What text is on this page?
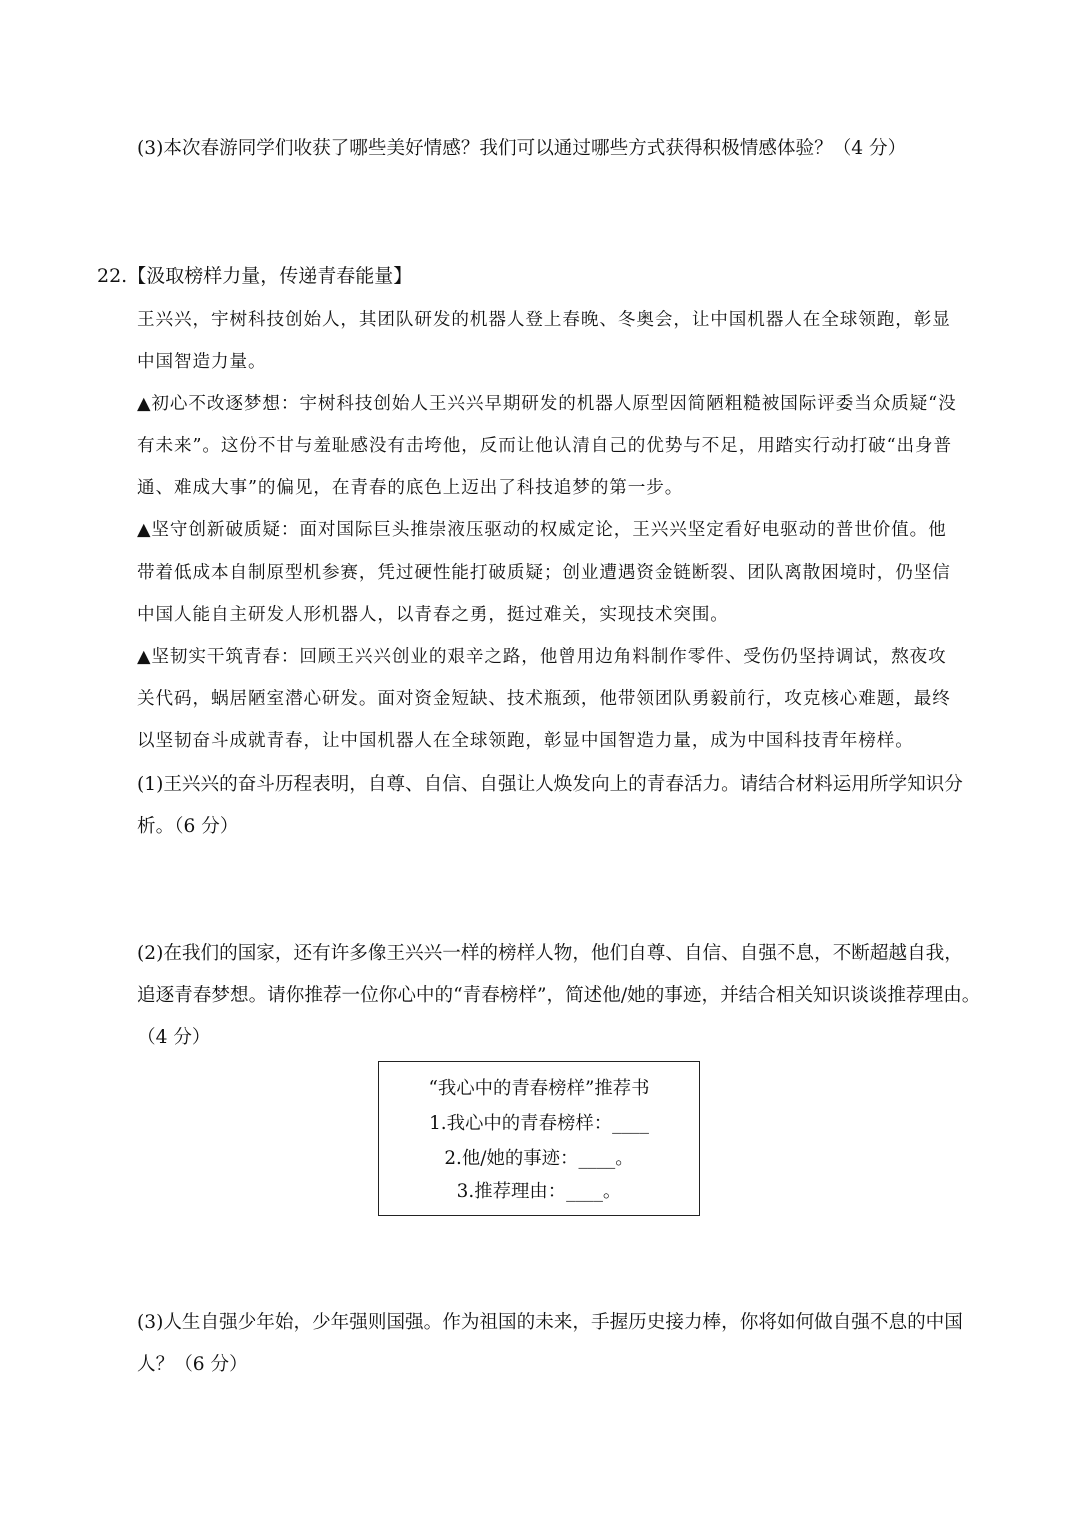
(3)本次春游同学们收获了哪些美好情感？我们可以通过哪些方式获得积极情感体验？（4 分）
22.【汲取榜样力量，传递青春能量】
王兴兴，宇树科技创始人，其团队研发的机器人登上春晚、冬奥会，让中国机器人在全球领跑，彰显
中国智造力量。
▲初心不改逐梦想：宇树科技创始人王兴兴早期研发的机器人原型因简陋粗糙被国际评委当众质疑“没
有未来”。这份不甘与羞耻感没有击垮他，反而让他认清自己的优势与不足，用踏实行动打破“出身普
通、难成大事”的偏见，在青春的底色上迈出了科技追梦的第一步。
▲坚守创新破质疑：面对国际巨头推崇液压驱动的权威定论，王兴兴坚定看好电驱动的普世价值。他
带着低成本自制原型机参赛，凭过硬性能打破质疑；创业遭遇资金链断裂、团队离散困境时，仍坚信
中国人能自主研发人形机器人，以青春之勇，挺过难关，实现技术突围。
▲坚韧实干筑青春：回顾王兴兴创业的艰辛之路，他曾用边角料制作零件、受伤仍坚持调试，熬夜攻
关代码，蜗居陋室潜心研发。面对资金短缺、技术瓶颈，他带领团队勇毅前行，攻克核心难题，最终
以坚韧奋斗成就青春，让中国机器人在全球领跑，彰显中国智造力量，成为中国科技青年榜样。
(1)王兴兴的奋斗历程表明，自尊、自信、自强让人焕发向上的青春活力。请结合材料运用所学知识分
析。（6 分）
(2)在我们的国家，还有许多像王兴兴一样的榜样人物，他们自尊、自信、自强不息，不断超越自我，
追逐青春梦想。请你推荐一位你心中的“青春榜样”，简述他/她的事迹，并结合相关知识谈谈推荐理由。
（4 分）
“我心中的青春榜样”推荐书
1.我心中的青春榜样：____
2.他/她的事迹：____。
3.推荐理由：____。
(3)人生自强少年始，少年强则国强。作为祖国的未来，手握历史接力棒，你将如何做自强不息的中国
人？（6 分）
